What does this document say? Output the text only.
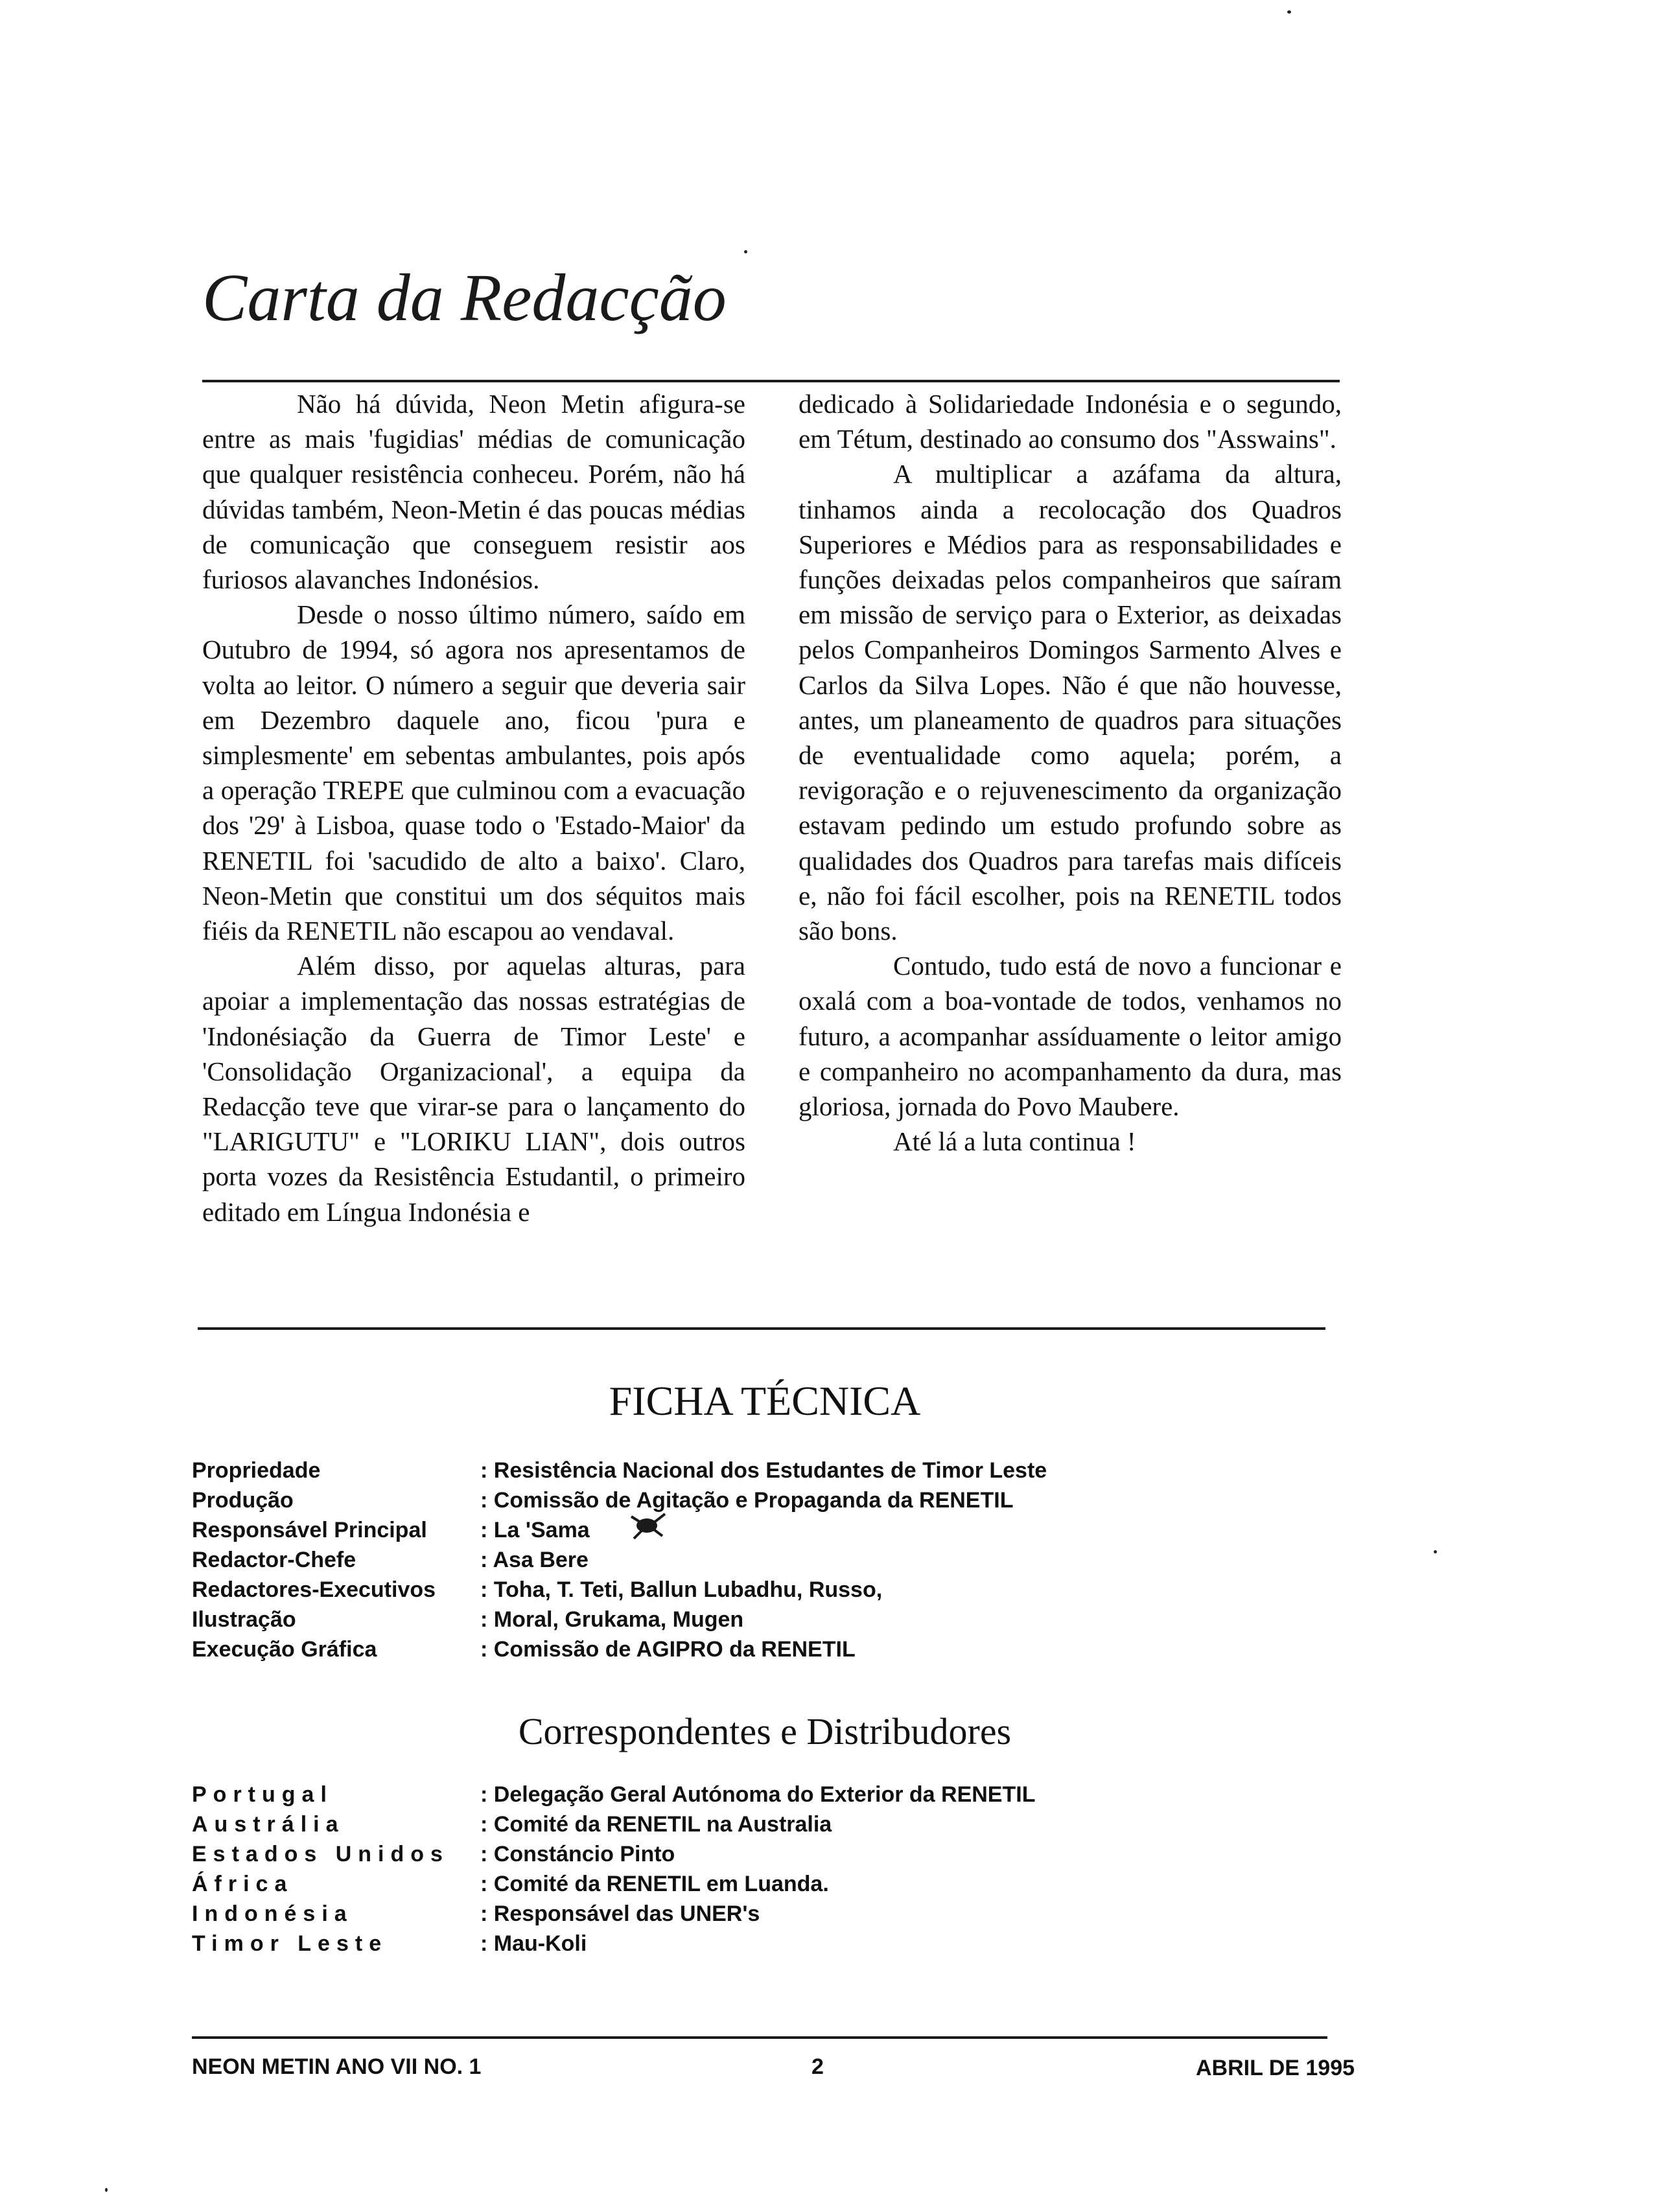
Carta da Redacção

Não há dúvida, Neon Metin afigura-se entre as mais 'fugidias' médias de comunicação que qualquer resistência conheceu. Porém, não há dúvidas também, Neon-Metin é das poucas médias de comunicação que conseguem resistir aos furiosos alavanches Indonésios.

Desde o nosso último número, saído em Outubro de 1994, só agora nos apresentamos de volta ao leitor. O número a seguir que deveria sair em Dezembro daquele ano, ficou 'pura e simplesmente' em sebentas ambulantes, pois após a operação TREPE que culminou com a evacuação dos '29' à Lisboa, quase todo o 'Estado-Maior' da RENETIL foi 'sacudido de alto a baixo'. Claro, Neon-Metin que constitui um dos séquitos mais fiéis da RENETIL não escapou ao vendaval.

Além disso, por aquelas alturas, para apoiar a implementação das nossas estratégias de 'Indonésiação da Guerra de Timor Leste' e 'Consolidação Organizacional', a equipa da Redacção teve que virar-se para o lançamento do "LARIGUTU" e "LORIKU LIAN", dois outros porta vozes da Resistência Estudantil, o primeiro editado em Língua Indonésia e

dedicado à Solidariedade Indonésia e o segundo, em Tétum, destinado ao consumo dos "Asswains".

A multiplicar a azáfama da altura, tinhamos ainda a recolocação dos Quadros Superiores e Médios para as responsabilidades e funções deixadas pelos companheiros que saíram em missão de serviço para o Exterior, as deixadas pelos Companheiros Domingos Sarmento Alves e Carlos da Silva Lopes. Não é que não houvesse, antes, um planeamento de quadros para situações de eventualidade como aquela; porém, a revigoração e o rejuvenescimento da organização estavam pedindo um estudo profundo sobre as qualidades dos Quadros para tarefas mais difíceis e, não foi fácil escolher, pois na RENETIL todos são bons.

Contudo, tudo está de novo a funcionar e oxalá com a boa-vontade de todos, venhamos no futuro, a acompanhar assíduamente o leitor amigo e companheiro no acompanhamento da dura, mas gloriosa, jornada do Povo Maubere.

Até lá a luta continua !

FICHA TÉCNICA
Propriedade	: Resistência Nacional dos Estudantes de Timor Leste
Produção	: Comissão de Agitação e Propaganda da RENETIL
Responsável Principal : La 'Sama
Redactor-Chefe	: Asa Bere
Redactores-Executivos : Toha, T. Teti, Ballun Lubadhu, Russo,
Ilustração	: Moral, Grukama, Mugen
Execução Gráfica	: Comissão de AGIPRO da RENETIL
Correspondentes e Distribudores
Portugal	: Delegação Geral Autónoma do Exterior da RENETIL
Austrália	: Comité da RENETIL na Australia
Estados Unidos : Constáncio Pinto
África	: Comité da RENETIL em Luanda.
Indonésia	: Responsável das UNER's
Timor Leste	: Mau-Koli
NEON METIN ANO VII NO. 1	2	ABRIL DE 1995
